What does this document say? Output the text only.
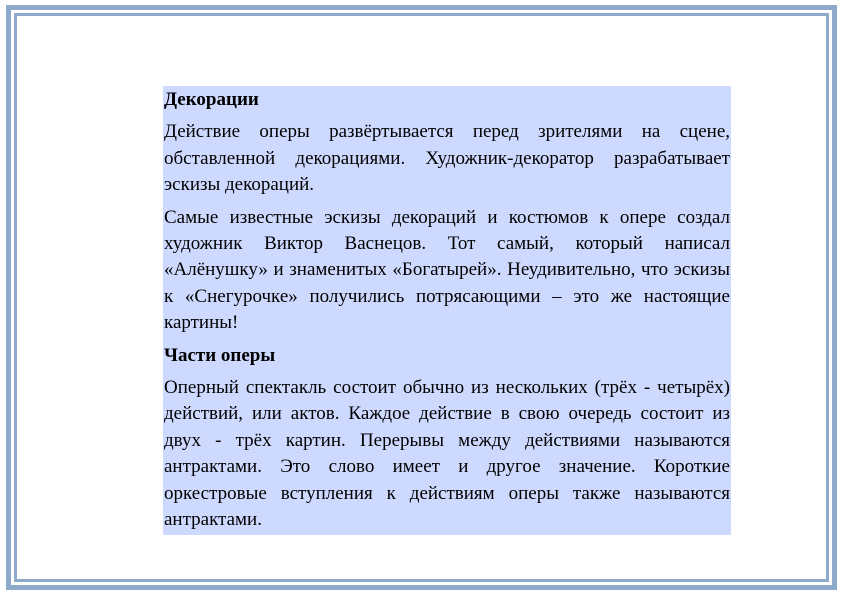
Декорации
Действие оперы развёртывается перед зрителями на сцене, обставленной декорациями. Художник-декоратор разрабатывает эскизы декораций.
Самые известные эскизы декораций и костюмов к опере создал художник Виктор Васнецов. Тот самый, который написал «Алёнушку» и знаменитых «Богатырей». Неудивительно, что эскизы к «Снегурочке» получились потрясающими – это же настоящие картины!
Части оперы
Оперный спектакль состоит обычно из нескольких (трёх - четырёх) действий, или актов. Каждое действие в свою очередь состоит из двух - трёх картин. Перерывы между действиями называются антрактами. Это слово имеет и другое значение. Короткие оркестровые вступления к действиям оперы также называются антрактами.
